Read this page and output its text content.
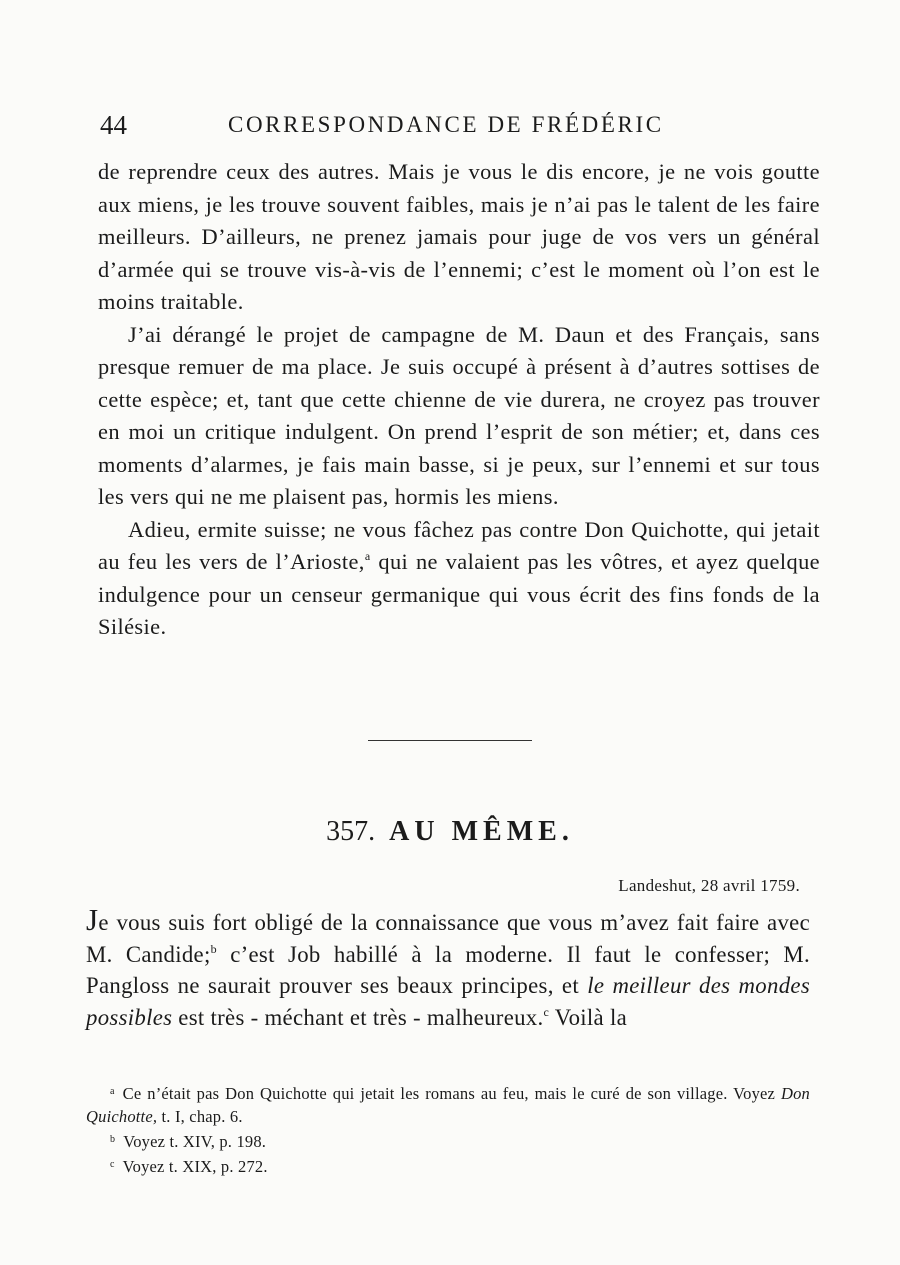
44	CORRESPONDANCE DE FRÉDÉRIC

de reprendre ceux des autres. Mais je vous le dis encore, je ne vois goutte aux miens, je les trouve souvent faibles, mais je n’ai pas le talent de les faire meilleurs. D’ailleurs, ne prenez jamais pour juge de vos vers un général d’armée qui se trouve vis-à-vis de l’ennemi; c’est le moment où l’on est le moins traitable.

J’ai dérangé le projet de campagne de M. Daun et des Français, sans presque remuer de ma place. Je suis occupé à présent à d’autres sottises de cette espèce; et, tant que cette chienne de vie durera, ne croyez pas trouver en moi un critique indulgent. On prend l’esprit de son métier; et, dans ces moments d’alarmes, je fais main basse, si je peux, sur l’ennemi et sur tous les vers qui ne me plaisent pas, hormis les miens.

Adieu, ermite suisse; ne vous fâchez pas contre Don Quichotte, qui jetait au feu les vers de l’Arioste,$^a$ qui ne valaient pas les vôtres, et ayez quelque indulgence pour un censeur germanique qui vous écrit des fins fonds de la Silésie.

357. AU MÊME.
Landeshut, 28 avril 1759.

Je vous suis fort obligé de la connaissance que vous m’avez fait faire avec M. Candide;$^b$ c’est Job habillé à la moderne. Il faut le confesser; M. Pangloss ne saurait prouver ses beaux principes, et le meilleur des mondes possibles est très - méchant et très - malheureux.$^c$ Voilà la

$^a$ Ce n’était pas Don Quichotte qui jetait les romans au feu, mais le curé de son village. Voyez Don Quichotte, t. I, chap. 6.

$^b$ Voyez t. XIV, p. 198.

$^c$ Voyez t. XIX, p. 272.
